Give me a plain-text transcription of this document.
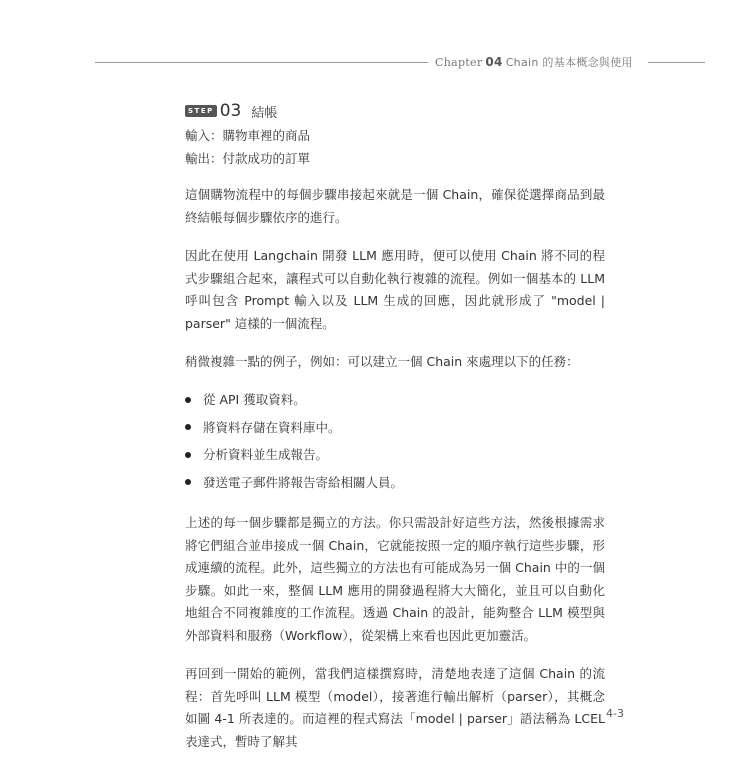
Chapter 04 Chain 的基本概念與使用
STEP 03 結帳
輸入：購物車裡的商品
輸出：付款成功的訂單

這個購物流程中的每個步驟串接起來就是一個 Chain，確保從選擇商品到最終結帳每個步驟依序的進行。

因此在使用 Langchain 開發 LLM 應用時，便可以使用 Chain 將不同的程式步驟組合起來，讓程式可以自動化執行複雜的流程。例如一個基本的 LLM 呼叫包含 Prompt 輸入以及 LLM 生成的回應，因此就形成了 "model | parser" 這樣的一個流程。

稍微複雜一點的例子，例如：可以建立一個 Chain 來處理以下的任務：

從 API 獲取資料。
將資料存儲在資料庫中。
分析資料並生成報告。
發送電子郵件將報告寄給相關人員。

上述的每一個步驟都是獨立的方法。你只需設計好這些方法，然後根據需求將它們組合並串接成一個 Chain，它就能按照一定的順序執行這些步驟，形成連續的流程。此外，這些獨立的方法也有可能成為另一個 Chain 中的一個步驟。如此一來，整個 LLM 應用的開發過程將大大簡化，並且可以自動化地組合不同複雜度的工作流程。透過 Chain 的設計，能夠整合 LLM 模型與外部資料和服務（Workflow），從架構上來看也因此更加靈活。

再回到一開始的範例，當我們這樣撰寫時，清楚地表達了這個 Chain 的流程：首先呼叫 LLM 模型（model），接著進行輸出解析（parser），其概念如圖 4-1 所表達的。而這裡的程式寫法「model | parser」語法稱為 LCEL 表達式，暫時了解其

4-3
